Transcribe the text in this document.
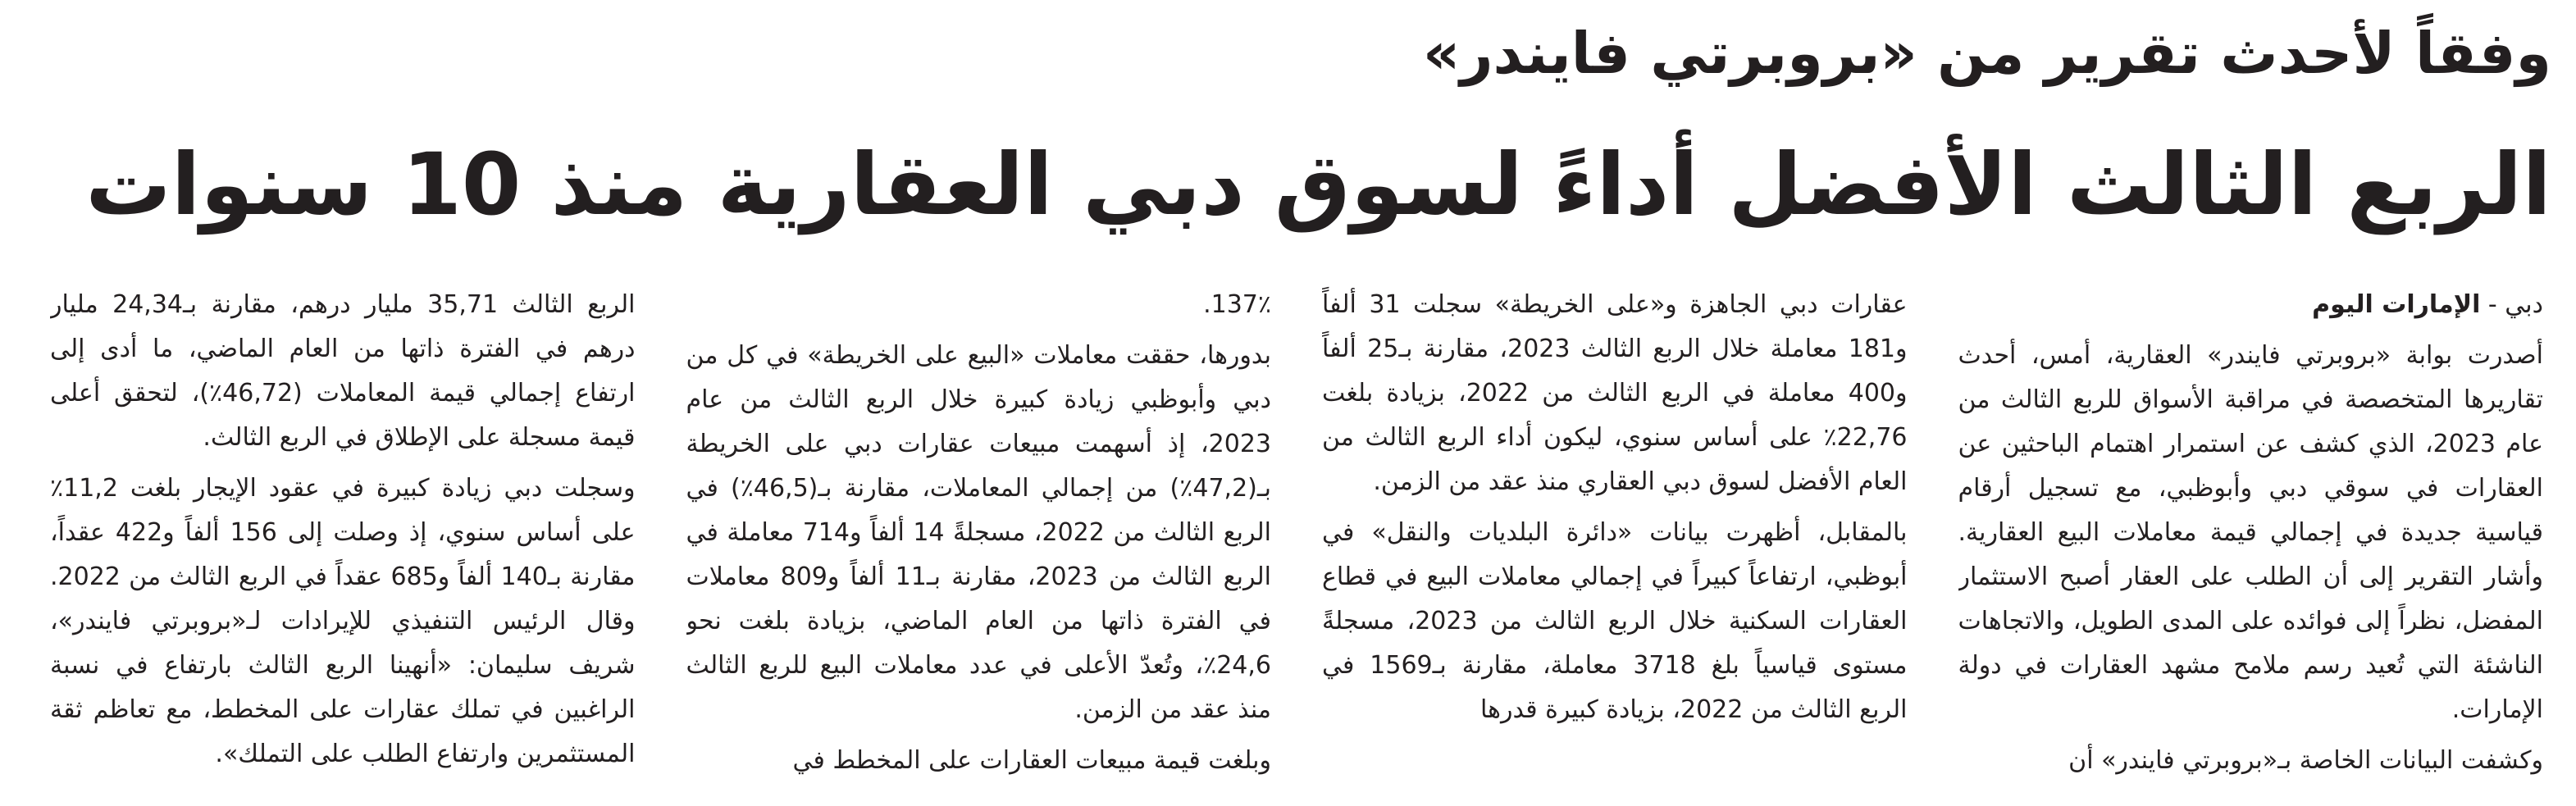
وفقاً لأحدث تقرير من «بروبرتي فايندر»
الربع الثالث الأفضل أداءً لسوق دبي العقارية منذ 10 سنوات

دبي - الإمارات اليوم

أصدرت بوابة «بروبرتي فايندر» العقارية، أمس، أحدث تقاريرها المتخصصة في مراقبة الأسواق للربع الثالث من عام 2023، الذي كشف عن استمرار اهتمام الباحثين عن العقارات في سوقي دبي وأبوظبي، مع تسجيل أرقام قياسية جديدة في إجمالي قيمة معاملات البيع العقارية. وأشار التقرير إلى أن الطلب على العقار أصبح الاستثمار المفضل، نظراً إلى فوائده على المدى الطويل، والاتجاهات الناشئة التي تُعيد رسم ملامح مشهد العقارات في دولة الإمارات.

وكشفت البيانات الخاصة بـ«بروبرتي فايندر» أن

عقارات دبي الجاهزة و«على الخريطة» سجلت 31 ألفاً و181 معاملة خلال الربع الثالث 2023، مقارنة بـ25 ألفاً و400 معاملة في الربع الثالث من 2022، بزيادة بلغت 22,76٪ على أساس سنوي، ليكون أداء الربع الثالث من العام الأفضل لسوق دبي العقاري منذ عقد من الزمن.

بالمقابل، أظهرت بيانات «دائرة البلديات والنقل» في أبوظبي، ارتفاعاً كبيراً في إجمالي معاملات البيع في قطاع العقارات السكنية خلال الربع الثالث من 2023، مسجلةً مستوى قياسياً بلغ 3718 معاملة، مقارنة بـ1569 في الربع الثالث من 2022، بزيادة كبيرة قدرها

137٪.

بدورها، حققت معاملات «البيع على الخريطة» في كل من دبي وأبوظبي زيادة كبيرة خلال الربع الثالث من عام 2023، إذ أسهمت مبيعات عقارات دبي على الخريطة بـ(47,2٪) من إجمالي المعاملات، مقارنة بـ(46,5٪) في الربع الثالث من 2022، مسجلةً 14 ألفاً و714 معاملة في الربع الثالث من 2023، مقارنة بـ11 ألفاً و809 معاملات في الفترة ذاتها من العام الماضي، بزيادة بلغت نحو 24,6٪، وتُعدّ الأعلى في عدد معاملات البيع للربع الثالث منذ عقد من الزمن.

وبلغت قيمة مبيعات العقارات على المخطط في

الربع الثالث 35,71 مليار درهم، مقارنة بـ24,34 مليار درهم في الفترة ذاتها من العام الماضي، ما أدى إلى ارتفاع إجمالي قيمة المعاملات (46,72٪)، لتحقق أعلى قيمة مسجلة على الإطلاق في الربع الثالث.

وسجلت دبي زيادة كبيرة في عقود الإيجار بلغت 11,2٪ على أساس سنوي، إذ وصلت إلى 156 ألفاً و422 عقداً، مقارنة بـ140 ألفاً و685 عقداً في الربع الثالث من 2022. وقال الرئيس التنفيذي للإيرادات لـ«بروبرتي فايندر»، شريف سليمان: «أنهينا الربع الثالث بارتفاع في نسبة الراغبين في تملك عقارات على المخطط، مع تعاظم ثقة المستثمرين وارتفاع الطلب على التملك».
